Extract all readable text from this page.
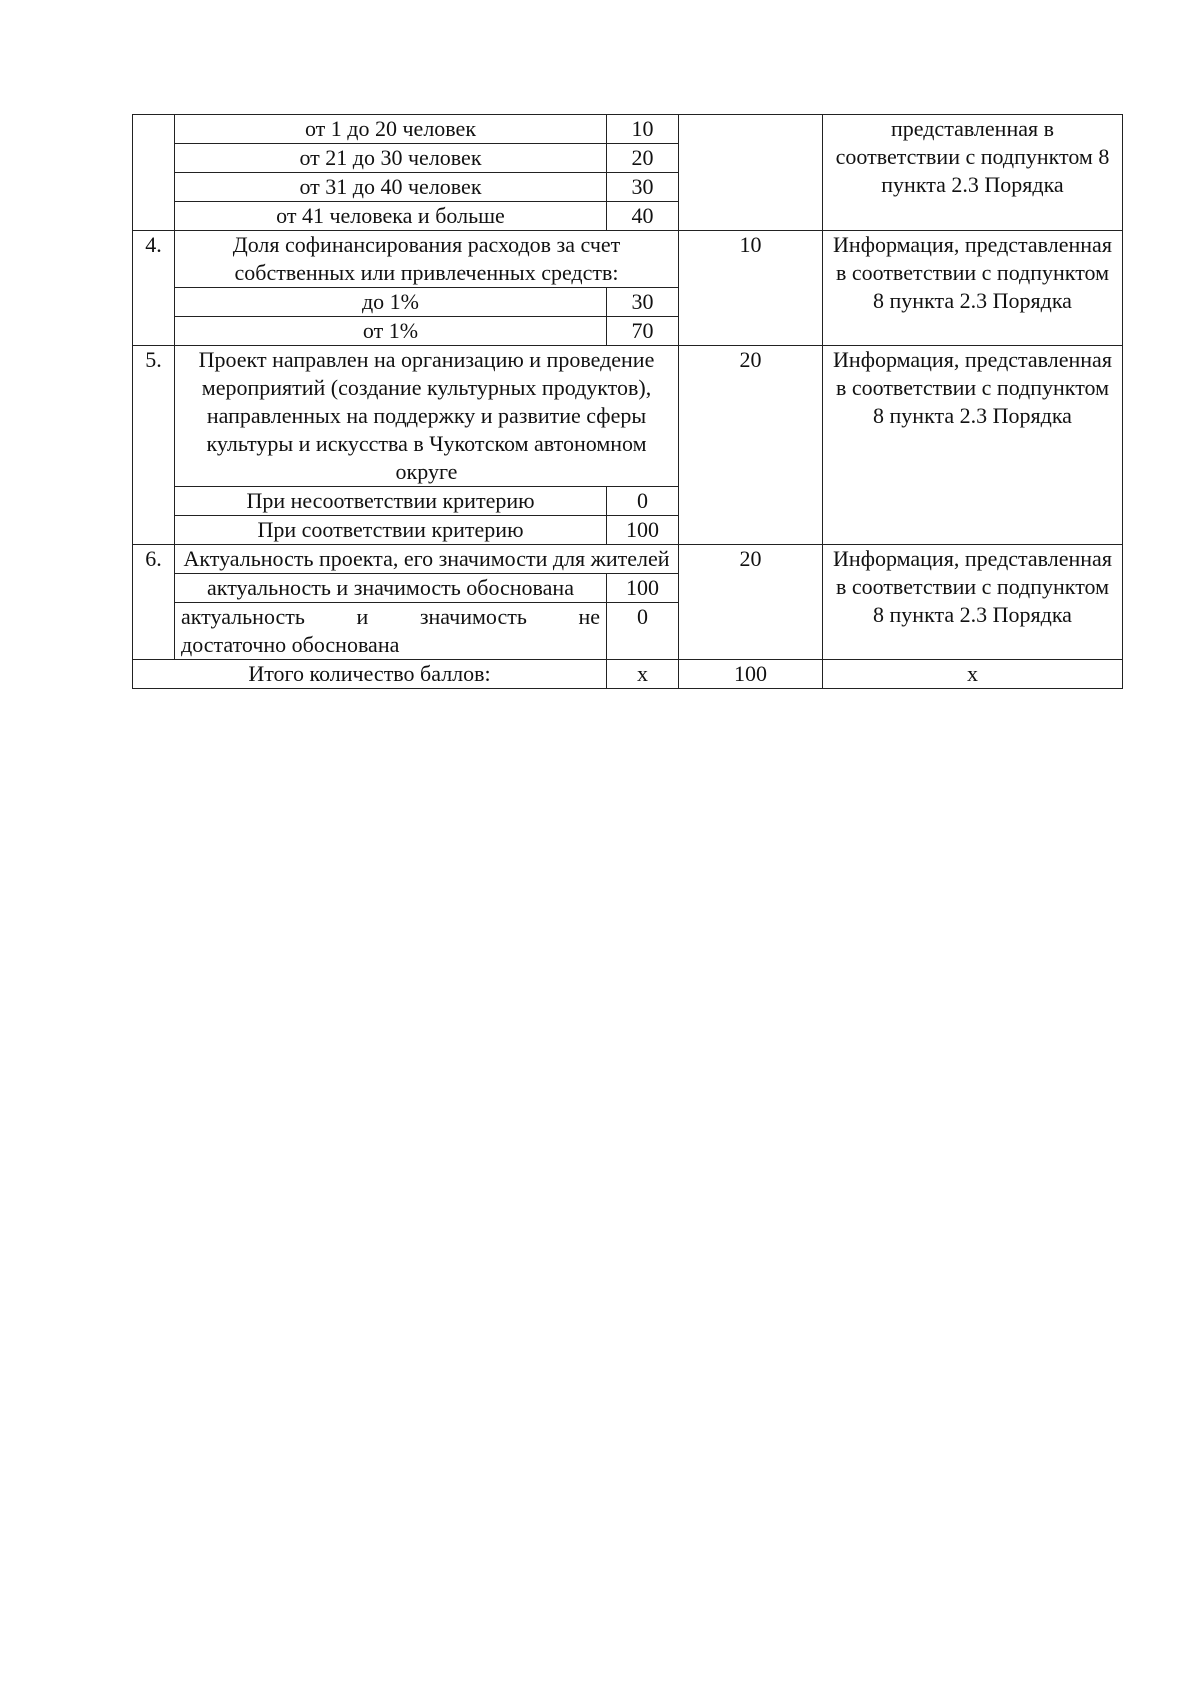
	от 1 до 20 человек	10		представленная в соответствии с подпунктом 8 пункта 2.3 Порядка
	от 21 до 30 человек	20		
	от 31 до 40 человек	30		
	от 41 человека и больше	40		
4.	Доля софинансирования расходов за счет собственных или привлеченных средств:		10	Информация, представленная в соответствии с подпунктом 8 пункта 2.3 Порядка
	до 1%	30		
	от 1%	70		
5.	Проект направлен на организацию и проведение мероприятий (создание культурных продуктов), направленных на поддержку и развитие сферы культуры и искусства в Чукотском автономном округе		20	Информация, представленная в соответствии с подпунктом 8 пункта 2.3 Порядка
	При несоответствии критерию	0		
	При соответствии критерию	100		
6.	Актуальность проекта, его значимости для жителей		20	Информация, представленная в соответствии с подпунктом 8 пункта 2.3 Порядка
	актуальность и значимость обоснована	100		

	актуальность и значимость не
достаточно обоснована	0		
Итого количество баллов:		х	100	х
